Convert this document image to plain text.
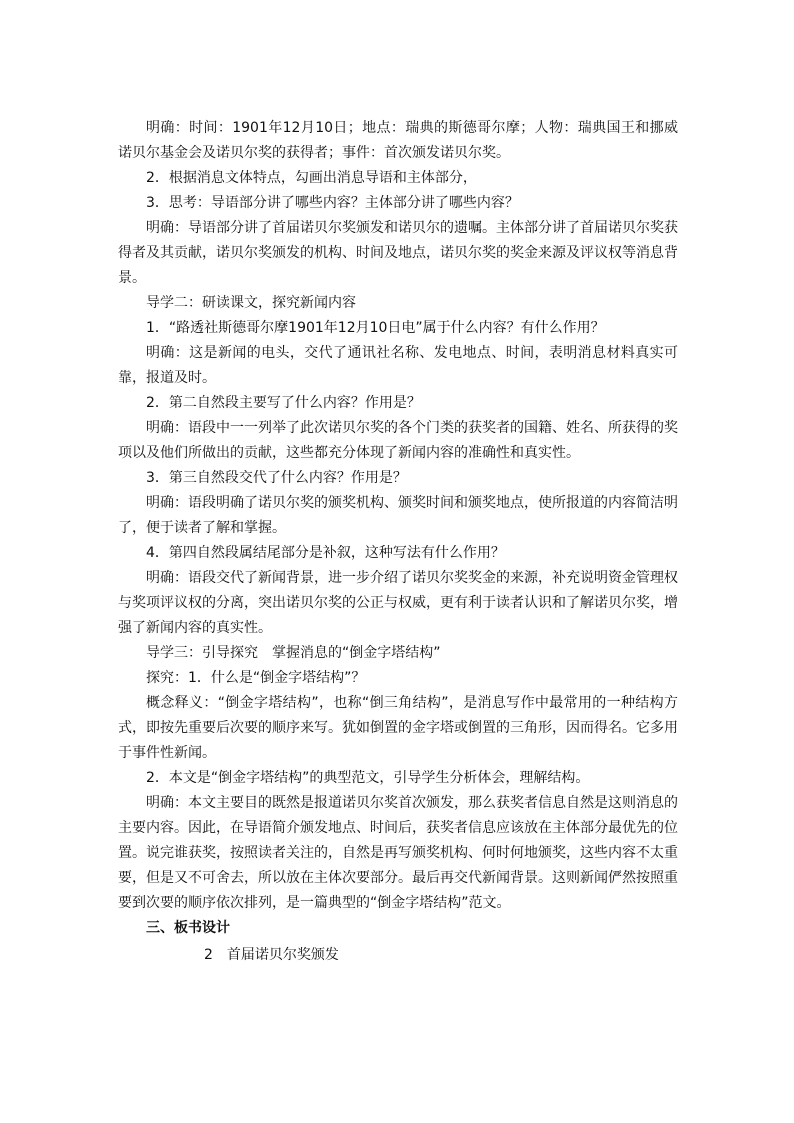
明确：时间：1901年12月10日；地点：瑞典的斯德哥尔摩；人物：瑞典国王和挪威诺贝尔基金会及诺贝尔奖的获得者；事件：首次颁发诺贝尔奖。

2．根据消息文体特点，勾画出消息导语和主体部分，

3．思考：导语部分讲了哪些内容？主体部分讲了哪些内容？

明确：导语部分讲了首届诺贝尔奖颁发和诺贝尔的遗嘱。主体部分讲了首届诺贝尔奖获得者及其贡献，诺贝尔奖颁发的机构、时间及地点，诺贝尔奖的奖金来源及评议权等消息背景。

导学二：研读课文，探究新闻内容

1．“路透社斯德哥尔摩1901年12月10日电”属于什么内容？有什么作用？

明确：这是新闻的电头，交代了通讯社名称、发电地点、时间，表明消息材料真实可靠，报道及时。

2．第二自然段主要写了什么内容？作用是？

明确：语段中一一列举了此次诺贝尔奖的各个门类的获奖者的国籍、姓名、所获得的奖项以及他们所做出的贡献，这些都充分体现了新闻内容的准确性和真实性。

3．第三自然段交代了什么内容？作用是？

明确：语段明确了诺贝尔奖的颁奖机构、颁奖时间和颁奖地点，使所报道的内容简洁明了，便于读者了解和掌握。

4．第四自然段属结尾部分是补叙，这种写法有什么作用？

明确：语段交代了新闻背景，进一步介绍了诺贝尔奖奖金的来源，补充说明资金管理权与奖项评议权的分离，突出诺贝尔奖的公正与权威，更有利于读者认识和了解诺贝尔奖，增强了新闻内容的真实性。

导学三：引导探究　掌握消息的“倒金字塔结构”

探究：1．什么是“倒金字塔结构”？

概念释义：“倒金字塔结构”，也称“倒三角结构”，是消息写作中最常用的一种结构方式，即按先重要后次要的顺序来写。犹如倒置的金字塔或倒置的三角形，因而得名。它多用于事件性新闻。

2．本文是“倒金字塔结构”的典型范文，引导学生分析体会，理解结构。

明确：本文主要目的既然是报道诺贝尔奖首次颁发，那么获奖者信息自然是这则消息的主要内容。因此，在导语简介颁发地点、时间后，获奖者信息应该放在主体部分最优先的位置。说完谁获奖，按照读者关注的，自然是再写颁奖机构、何时何地颁奖，这些内容不太重要，但是又不可舍去，所以放在主体次要部分。最后再交代新闻背景。这则新闻俨然按照重要到次要的顺序依次排列，是一篇典型的“倒金字塔结构”范文。

三、板书设计

2　首届诺贝尔奖颁发
